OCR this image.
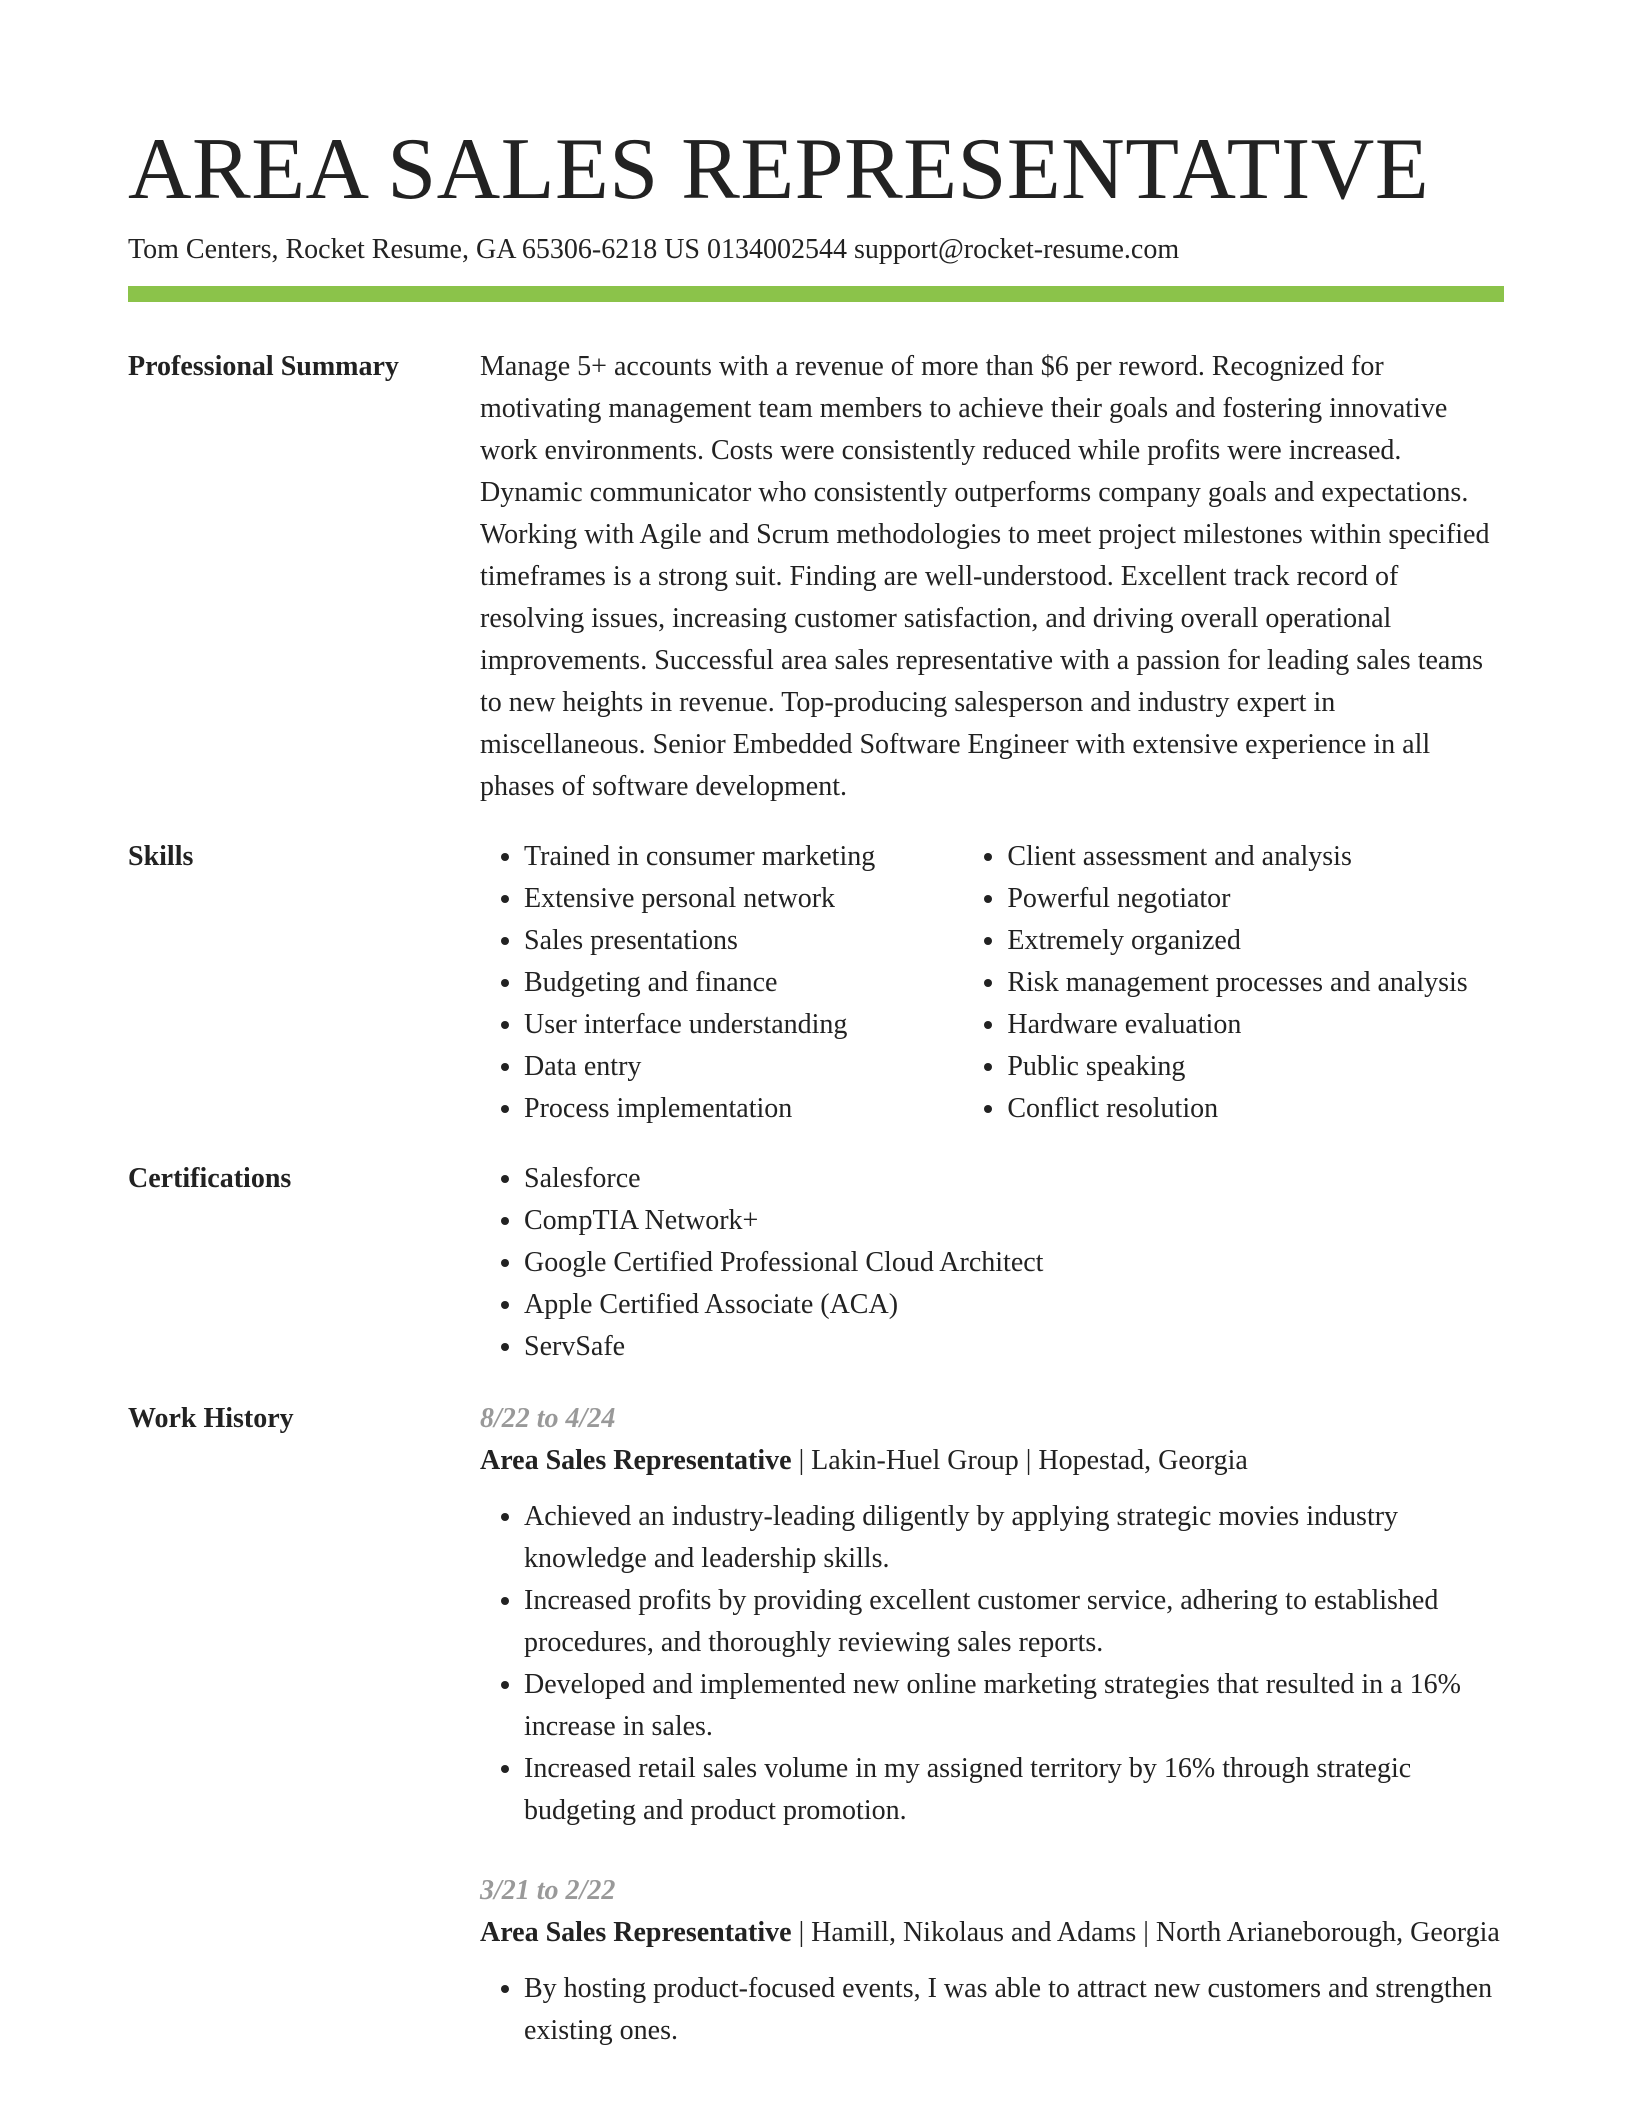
AREA SALES REPRESENTATIVE
Tom Centers, Rocket Resume, GA 65306-6218 US 0134002544 support@rocket-resume.com
Professional Summary	Manage 5+ accounts with a revenue of more than $6 per reword. Recognized for motivating management team members to achieve their goals and fostering innovative work environments. Costs were consistently reduced while profits were increased. Dynamic communicator who consistently outperforms company goals and expectations. Working with Agile and Scrum methodologies to meet project milestones within specified timeframes is a strong suit. Finding are well-understood. Excellent track record of resolving issues, increasing customer satisfaction, and driving overall operational improvements. Successful area sales representative with a passion for leading sales teams to new heights in revenue. Top-producing salesperson and industry expert in miscellaneous. Senior Embedded Software Engineer with extensive experience in all phases of software development.

Skills	• Trained in consumer marketing
• Extensive personal network
• Sales presentations
• Budgeting and finance
• User interface understanding
• Data entry
• Process implementation
• Client assessment and analysis
• Powerful negotiator
• Extremely organized
• Risk management processes and analysis
• Hardware evaluation
• Public speaking
• Conflict resolution
Certifications	• Salesforce
• CompTIA Network+
• Google Certified Professional Cloud Architect
• Apple Certified Associate (ACA)
• ServSafe
Work History	8/22 to 4/24
Area Sales Representative | Lakin-Huel Group | Hopestad, Georgia
• Achieved an industry-leading diligently by applying strategic movies industry knowledge and leadership skills.
• Increased profits by providing excellent customer service, adhering to established procedures, and thoroughly reviewing sales reports.
• Developed and implemented new online marketing strategies that resulted in a 16% increase in sales.
• Increased retail sales volume in my assigned territory by 16% through strategic budgeting and product promotion.
3/21 to 2/22
Area Sales Representative | Hamill, Nikolaus and Adams | North Arianeborough, Georgia
• By hosting product-focused events, I was able to attract new customers and strengthen existing ones.
